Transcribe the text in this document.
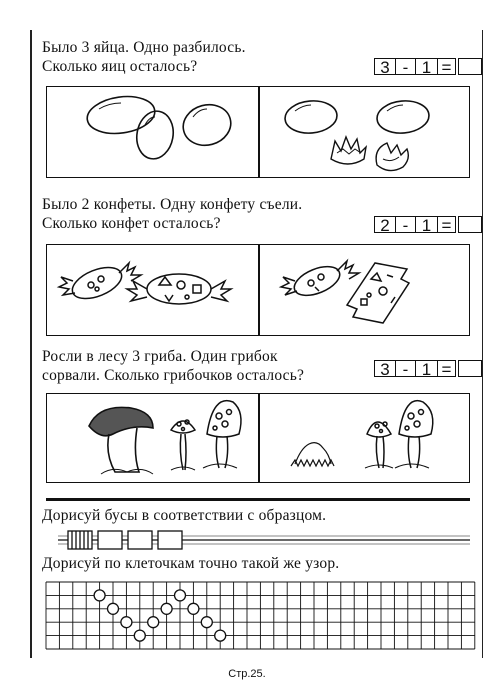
Было 3 яйца. Одно разбилось.
Сколько яиц осталось?	3 - 1 =
Было 2 конфеты. Одну конфету съели.
Сколько конфет осталось?	2 - 1 =
Росли в лесу 3 гриба. Один грибок
сорвали. Сколько грибочков осталось?	3 - 1 =
Дорисуй бусы в соответствии с образцом.
Дорисуй по клеточкам точно такой же узор.
Стр.25.
